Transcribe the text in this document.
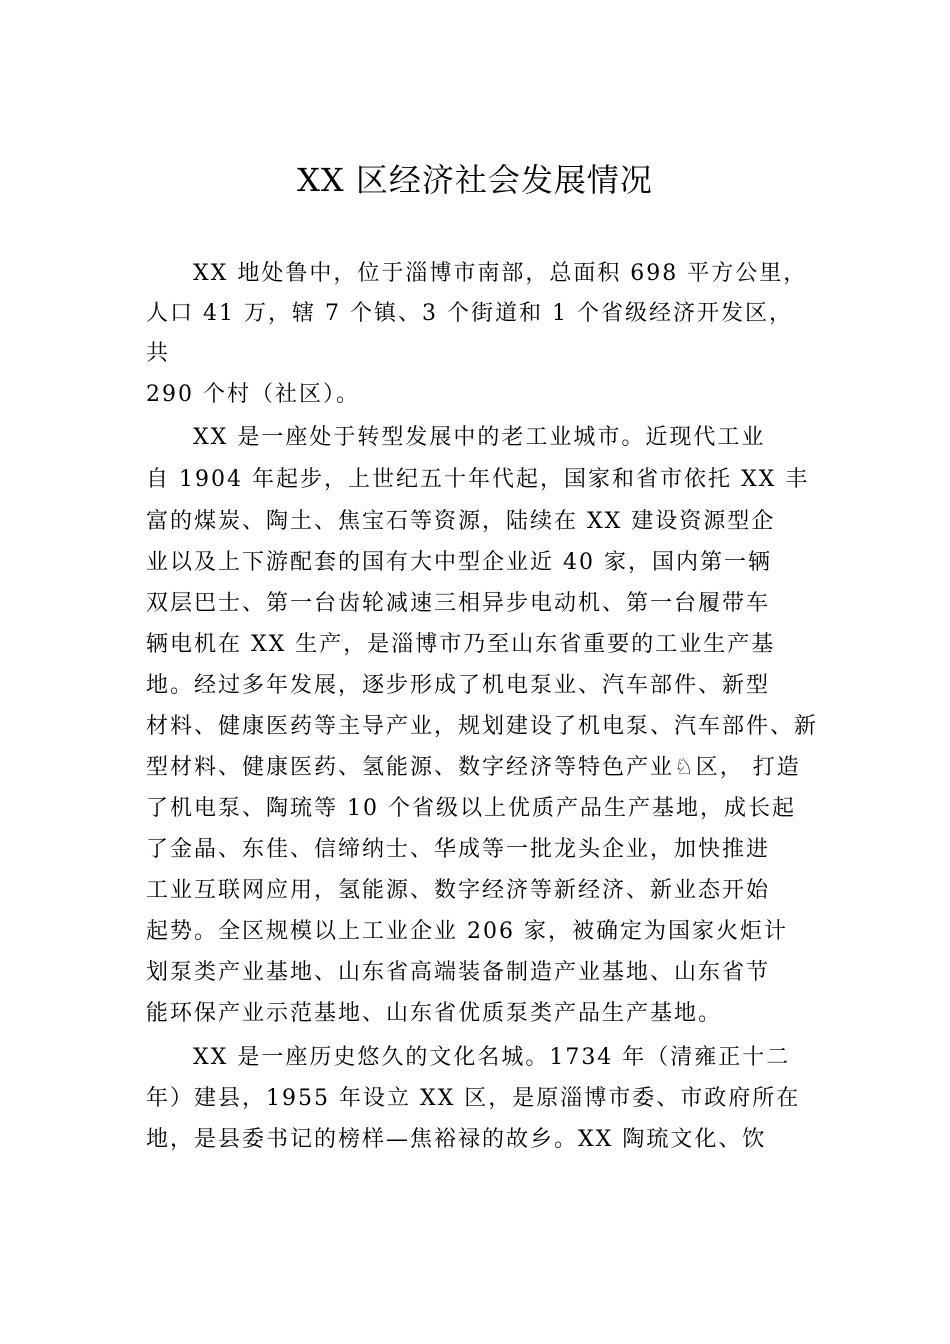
XX 区经济社会发展情况
XX 地处鲁中，位于淄博市南部，总面积 698 平方公里，
人口 41 万，辖 7 个镇、3 个街道和 1 个省级经济开发区，
共
290 个村（社区）。
XX 是一座处于转型发展中的老工业城市。近现代工业
自 1904 年起步，上世纪五十年代起，国家和省市依托 XX 丰
富的煤炭、陶土、焦宝石等资源，陆续在 XX 建设资源型企
业以及上下游配套的国有大中型企业近 40 家，国内第一辆
双层巴士、第一台齿轮减速三相异步电动机、第一台履带车
辆电机在 XX 生产，是淄博市乃至山东省重要的工业生产基
地。经过多年发展，逐步形成了机电泵业、汽车部件、新型
材料、健康医药等主导产业，规划建设了机电泵、汽车部件、新
型材料、健康医药、氢能源、数字经济等特色产业♘区， 打造
了机电泵、陶琉等 10 个省级以上优质产品生产基地，成长起
了金晶、东佳、信缔纳士、华成等一批龙头企业，加快推进
工业互联网应用，氢能源、数字经济等新经济、新业态开始
起势。全区规模以上工业企业 206 家，被确定为国家火炬计
划泵类产业基地、山东省高端装备制造产业基地、山东省节
能环保产业示范基地、山东省优质泵类产品生产基地。
XX 是一座历史悠久的文化名城。1734 年（清雍正十二
年）建县，1955 年设立 XX 区，是原淄博市委、市政府所在
地，是县委书记的榜样—焦裕禄的故乡。XX 陶琉文化、饮
